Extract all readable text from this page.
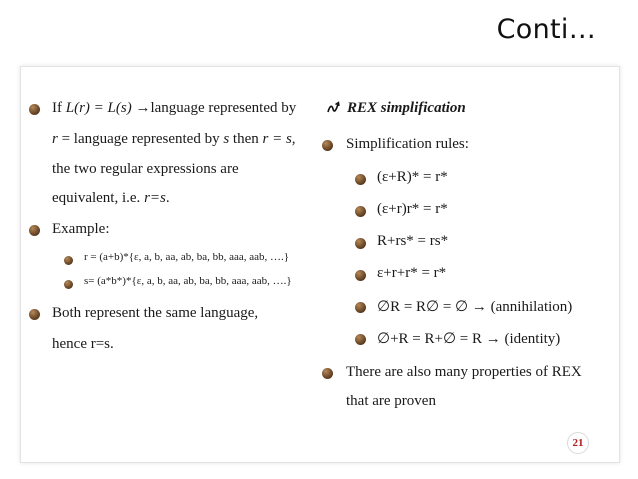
Conti…
If L(r) = L(s) →language represented by
r = language represented by s then r = s,
the two regular expressions are
equivalent, i.e. r=s.
Example:
r = (a+b)*{ε, a, b, aa, ab, ba, bb, aaa, aab, ….}
s= (a*b*)*{ε, a, b, aa, ab, ba, bb, aaa, aab, ….}
Both represent the same language,
hence r=s.
REX simplification
Simplification rules:
(ε+R)* = r*
(ε+r)r* = r*
R+rs* = rs*
ε+r+r* = r*
∅R = R∅ = ∅ → (annihilation)
∅+R = R+∅ = R → (identity)
There are also many properties of REX
that are proven
21
